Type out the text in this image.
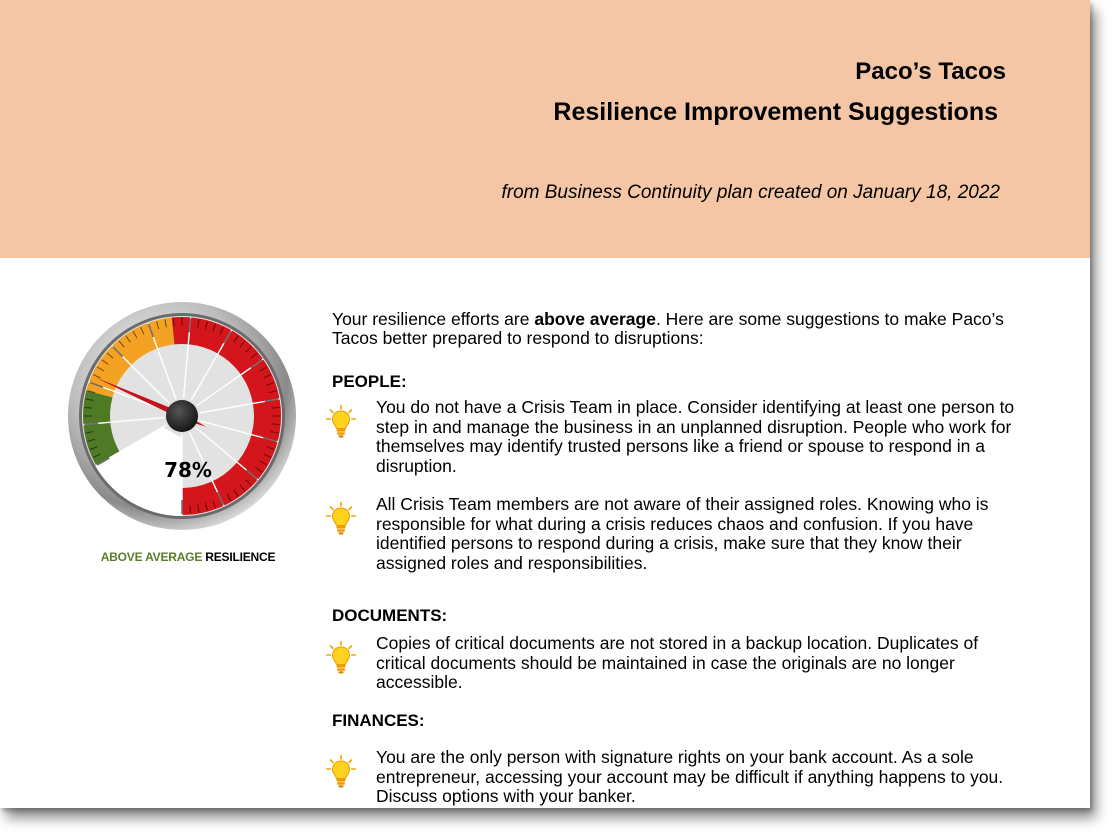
Paco’s Tacos
Resilience Improvement Suggestions
from Business Continuity plan created on January 18, 2022
78%
ABOVE AVERAGE RESILIENCE
Your resilience efforts are above average. Here are some suggestions to make Paco’s Tacos better prepared to respond to disruptions:
PEOPLE:
You do not have a Crisis Team in place. Consider identifying at least one person to step in and manage the business in an unplanned disruption. People who work for themselves may identify trusted persons like a friend or spouse to respond in a disruption.
All Crisis Team members are not aware of their assigned roles. Knowing who is responsible for what during a crisis reduces chaos and confusion. If you have identified persons to respond during a crisis, make sure that they know their assigned roles and responsibilities.
DOCUMENTS:
Copies of critical documents are not stored in a backup location. Duplicates of critical documents should be maintained in case the originals are no longer accessible.
FINANCES:
You are the only person with signature rights on your bank account. As a sole entrepreneur, accessing your account may be difficult if anything happens to you. Discuss options with your banker.
